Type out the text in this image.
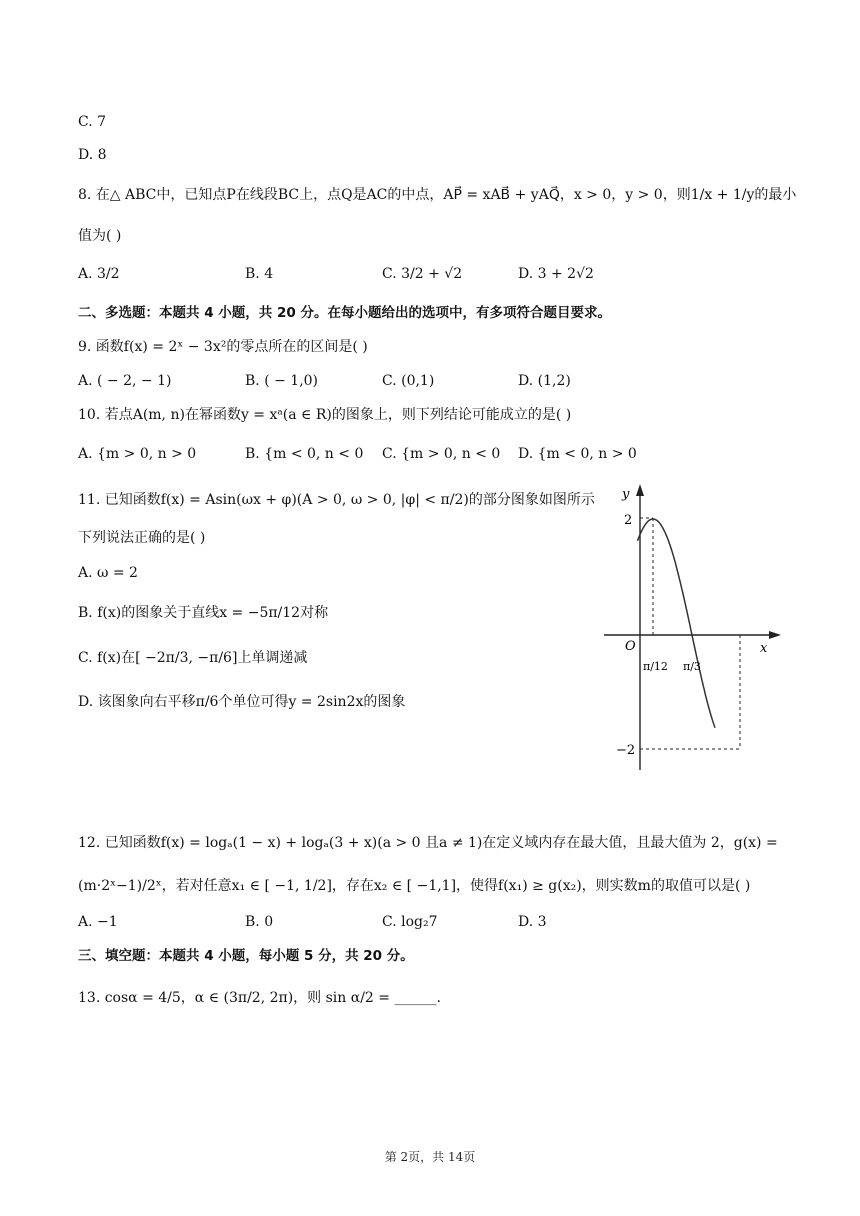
C. 7
D. 8
8. 在△ ABC中，已知点P在线段BC上，点Q是AC的中点，AP⃗ = xAB⃗ + yAQ⃗，x > 0，y > 0，则1/x + 1/y的最小
值为( )
A. 3/2	B. 4	C. 3/2 + √2	D. 3 + 2√2
二、多选题：本题共 4 小题，共 20 分。在每小题给出的选项中，有多项符合题目要求。
9. 函数f(x) = 2ˣ − 3x²的零点所在的区间是( )
A. ( − 2, − 1)	B. ( − 1,0)	C. (0,1)	D. (1,2)
10. 若点A(m, n)在幂函数y = xᵃ(a ∈ R)的图象上，则下列结论可能成立的是( )
A. {m > 0, n > 0	B. {m < 0, n < 0 C. {m > 0, n < 0 D. {m < 0, n > 0
11. 已知函数f(x) = Asin(ωx + φ)(A > 0, ω > 0, |φ| < π/2)的部分图象如图所示
下列说法正确的是( )
A. ω = 2
B. f(x)的图象关于直线x = −5π/12对称
C. f(x)在[ −2π/3, −π/6]上单调递减
D. 该图象向右平移π/6个单位可得y = 2sin2x的图象
y
x
O
2
−2
π/12 π/3
12. 已知函数f(x) = logₐ(1 − x) + logₐ(3 + x)(a > 0 且a ≠ 1)在定义域内存在最大值，且最大值为 2，g(x) =
(m·2ˣ−1)/2ˣ，若对任意x₁ ∈ [ −1, 1/2]，存在x₂ ∈ [ −1,1]，使得f(x₁) ≥ g(x₂)，则实数m的取值可以是( )
A. −1	B. 0	C. log₂7	D. 3
三、填空题：本题共 4 小题，每小题 5 分，共 20 分。
13. cosα = 4/5，α ∈ (3π/2, 2π)，则 sin α/2 = ______.
第 2页，共 14页
